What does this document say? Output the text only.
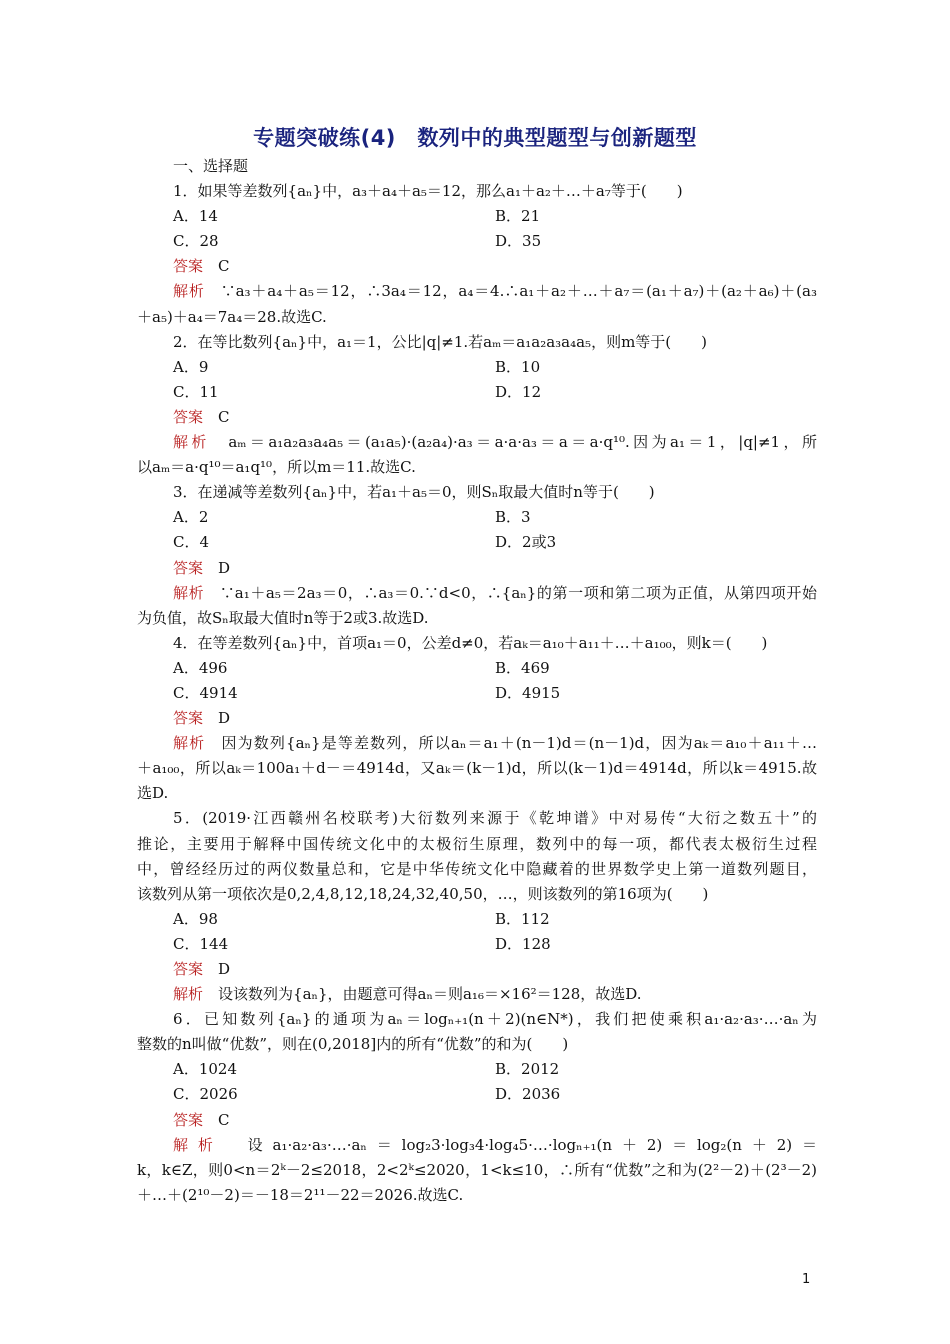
专题突破练(4)　数列中的典型题型与创新题型
一、选择题
1．如果等差数列{aₙ}中，a₃＋a₄＋a₅＝12，那么a₁＋a₂＋…＋a₇等于(　　)
A．14	B．21
C．28	D．35
答案　 C
解析　 ∵a₃＋a₄＋a₅＝12，∴3a₄＝12，a₄＝4.∴a₁＋a₂＋…＋a₇＝(a₁＋a₇)＋(a₂＋a₆)＋(a₃
＋a₅)＋a₄＝7a₄＝28.故选C.
2．在等比数列{aₙ}中，a₁＝1，公比|q|≠1.若aₘ＝a₁a₂a₃a₄a₅，则m等于(　　)
A．9	B．10
C．11	D．12
答案　 C
解析　 aₘ＝a₁a₂a₃a₄a₅＝(a₁a₅)·(a₂a₄)·a₃＝a·a·a₃＝a＝a·q¹⁰.因为a₁＝1，|q|≠1，所
以aₘ＝a·q¹⁰＝a₁q¹⁰，所以m＝11.故选C.
3．在递减等差数列{aₙ}中，若a₁＋a₅＝0，则Sₙ取最大值时n等于(　　)
A．2	B．3
C．4	D．2或3
答案　 D
解析　 ∵a₁＋a₅＝2a₃＝0，∴a₃＝0.∵d<0，∴{aₙ}的第一项和第二项为正值，从第四项开始
为负值，故Sₙ取最大值时n等于2或3.故选D.
4．在等差数列{aₙ}中，首项a₁＝0，公差d≠0，若aₖ＝a₁₀＋a₁₁＋…＋a₁₀₀，则k＝(　　)
A．496	B．469
C．4914	D．4915
答案　 D
解析　 因为数列{aₙ}是等差数列，所以aₙ＝a₁＋(n－1)d＝(n－1)d，因为aₖ＝a₁₀＋a₁₁＋…
＋a₁₀₀，所以aₖ＝100a₁＋d－＝4914d，又aₖ＝(k－1)d，所以(k－1)d＝4914d，所以k＝4915.故
选D.
5．(2019·江西赣州名校联考)大衍数列来源于《乾坤谱》中对易传“大衍之数五十”的
推论，主要用于解释中国传统文化中的太极衍生原理，数列中的每一项，都代表太极衍生过程
中，曾经经历过的两仪数量总和，它是中华传统文化中隐藏着的世界数学史上第一道数列题目，
该数列从第一项依次是0,2,4,8,12,18,24,32,40,50，…，则该数列的第16项为(　　)
A．98	B．112
C．144	D．128
答案　 D
解析　 设该数列为{aₙ}，由题意可得aₙ＝则a₁₆＝×16²＝128，故选D.
6．已知数列{aₙ}的通项为aₙ＝logₙ₊₁(n＋2)(n∈N*)，我们把使乘积a₁·a₂·a₃·…·aₙ为
整数的n叫做“优数”，则在(0,2018]内的所有“优数”的和为(　　)
A．1024	B．2012
C．2026	D．2036
答案　 C
解析　 设a₁·a₂·a₃·…·aₙ＝log₂3·log₃4·log₄5·…·logₙ₊₁(n＋2)＝log₂(n＋2)＝
k，k∈Z，则0<n＝2ᵏ－2≤2018，2<2ᵏ≤2020，1<k≤10，∴所有“优数”之和为(2²－2)＋(2³－2)
＋…＋(2¹⁰－2)＝－18＝2¹¹－22＝2026.故选C.
1
